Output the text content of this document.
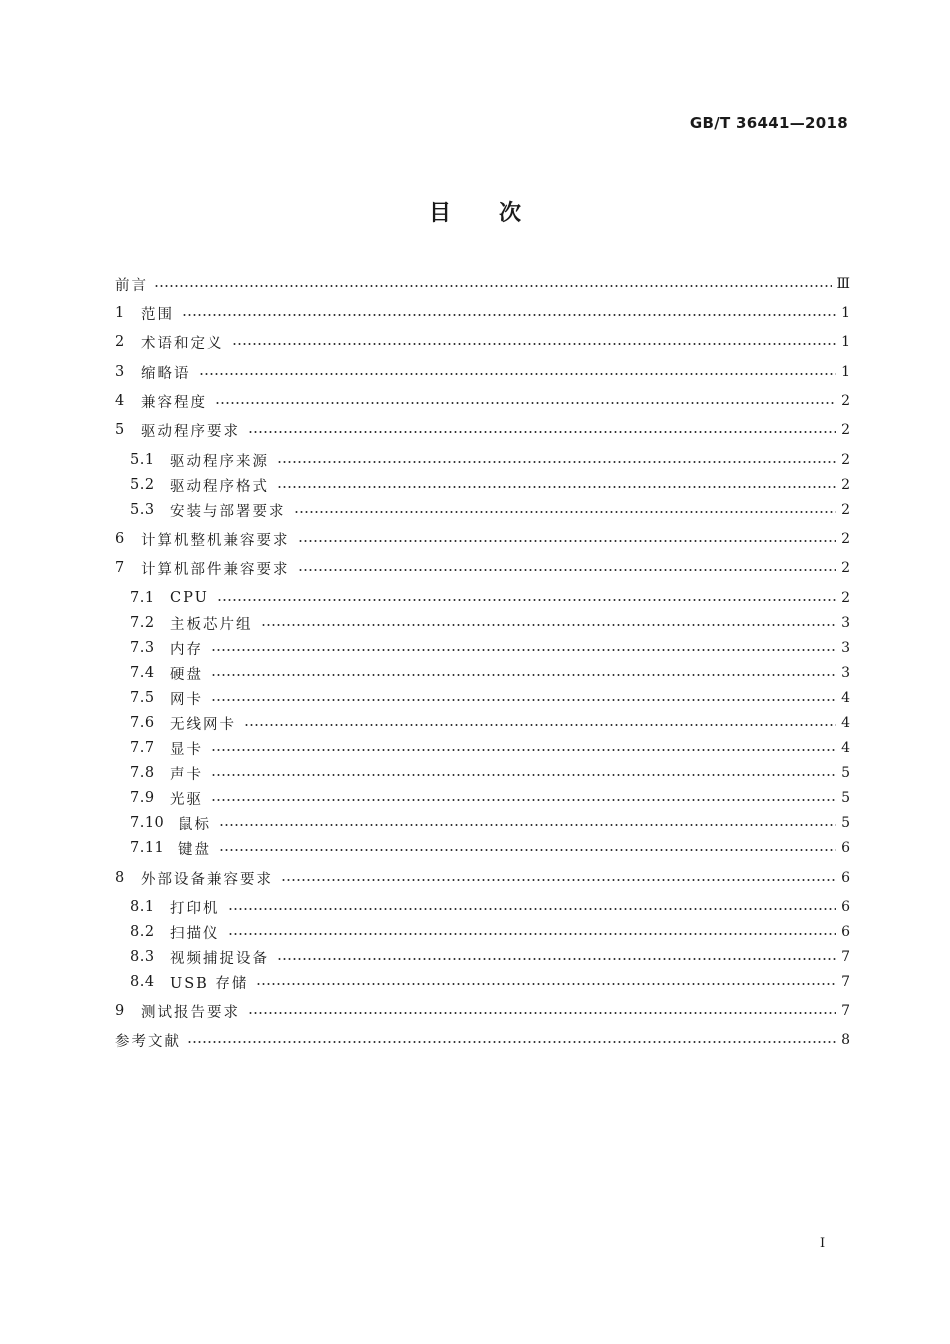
GB/T 36441—2018
目 次
前言	Ⅲ
1	范围	1
2	术语和定义	1
3	缩略语	1
4	兼容程度	2
5	驱动程序要求	2
5.1	驱动程序来源	2
5.2	驱动程序格式	2
5.3	安装与部署要求	2
6	计算机整机兼容要求	2
7	计算机部件兼容要求	2
7.1	CPU	2
7.2	主板芯片组	3
7.3	内存	3
7.4	硬盘	3
7.5	网卡	4
7.6	无线网卡	4
7.7	显卡	4
7.8	声卡	5
7.9	光驱	5
7.10 鼠标	5
7.11 键盘	6
8	外部设备兼容要求	6
8.1	打印机	6
8.2	扫描仪	6
8.3	视频捕捉设备	7
8.4	USB 存储	7
9	测试报告要求	7
参考文献	8
I
